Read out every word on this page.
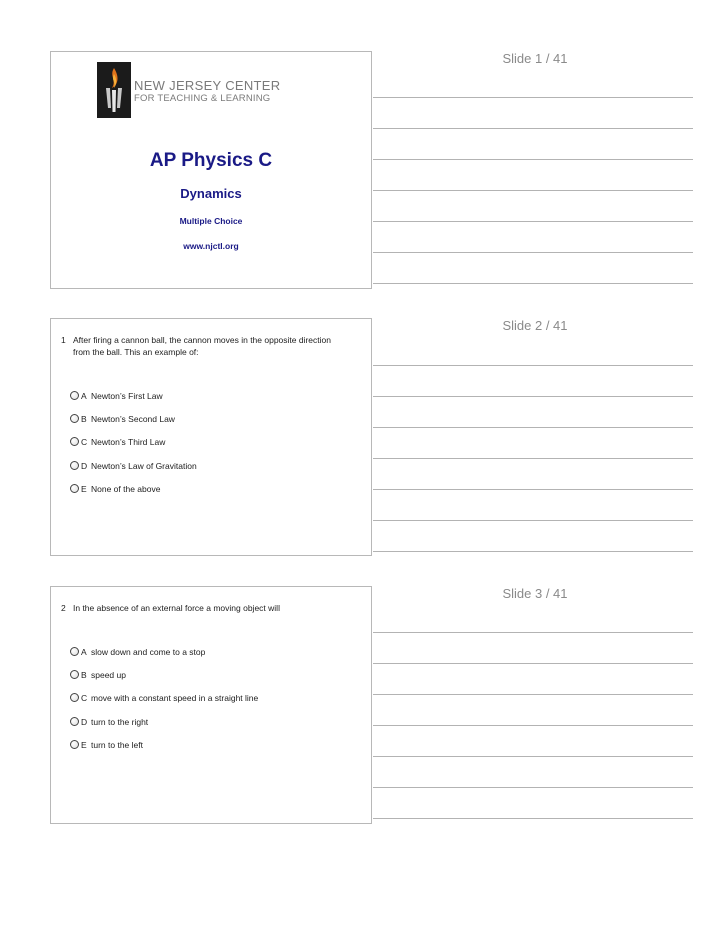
Slide 1 / 41
NEW JERSEY CENTER
FOR TEACHING & LEARNING
AP Physics C
Dynamics
Multiple Choice
www.njctl.org
Slide 2 / 41
1 After firing a cannon ball, the cannon moves in the opposite direction from the ball. This an example of:
A Newton’s First Law
B Newton’s Second Law
C Newton’s Third Law
D Newton’s Law of Gravitation
E None of the above
Slide 3 / 41
2 In the absence of an external force a moving object will
A slow down and come to a stop
B speed up
C move with a constant speed in a straight line
D turn to the right
E turn to the left
